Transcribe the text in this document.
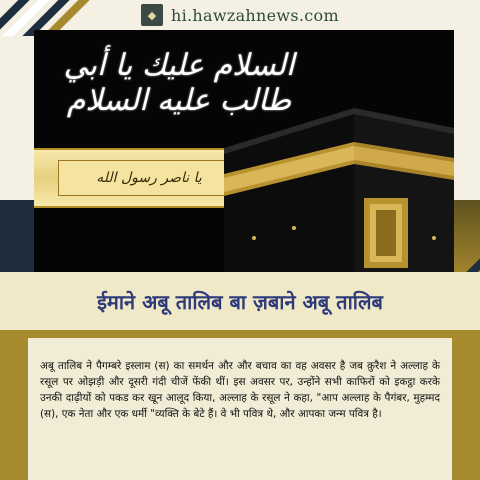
◆ hi.hawzahnews.com
السلام عليك يا أبي طالب عليه السلام
يا ناصر رسول الله
ईमाने अबू तालिब बा ज़बाने अबू तालिब

अबू तालिब ने पैगम्बरे इस्लाम (स) का समर्थन और और बचाव का वह अवसर है जब क़ुरैश ने अल्लाह के रसूल पर ओझड़ी और दूसरी गंदी चीजें फेंकी थीं। इस अवसर पर, उन्होंने सभी काफिरों को इकट्ठा करके उनकी दाढ़ीयों को पकड कर खून आलूद किया, अल्लाह के रसूल ने कहा, "आप अल्लाह के पैगंबर, मुहम्मद (स), एक नेता और एक धर्मी "व्यक्ति के बेटे हैं। वे भी पवित्र थे, और आपका जन्म पवित्र है।
